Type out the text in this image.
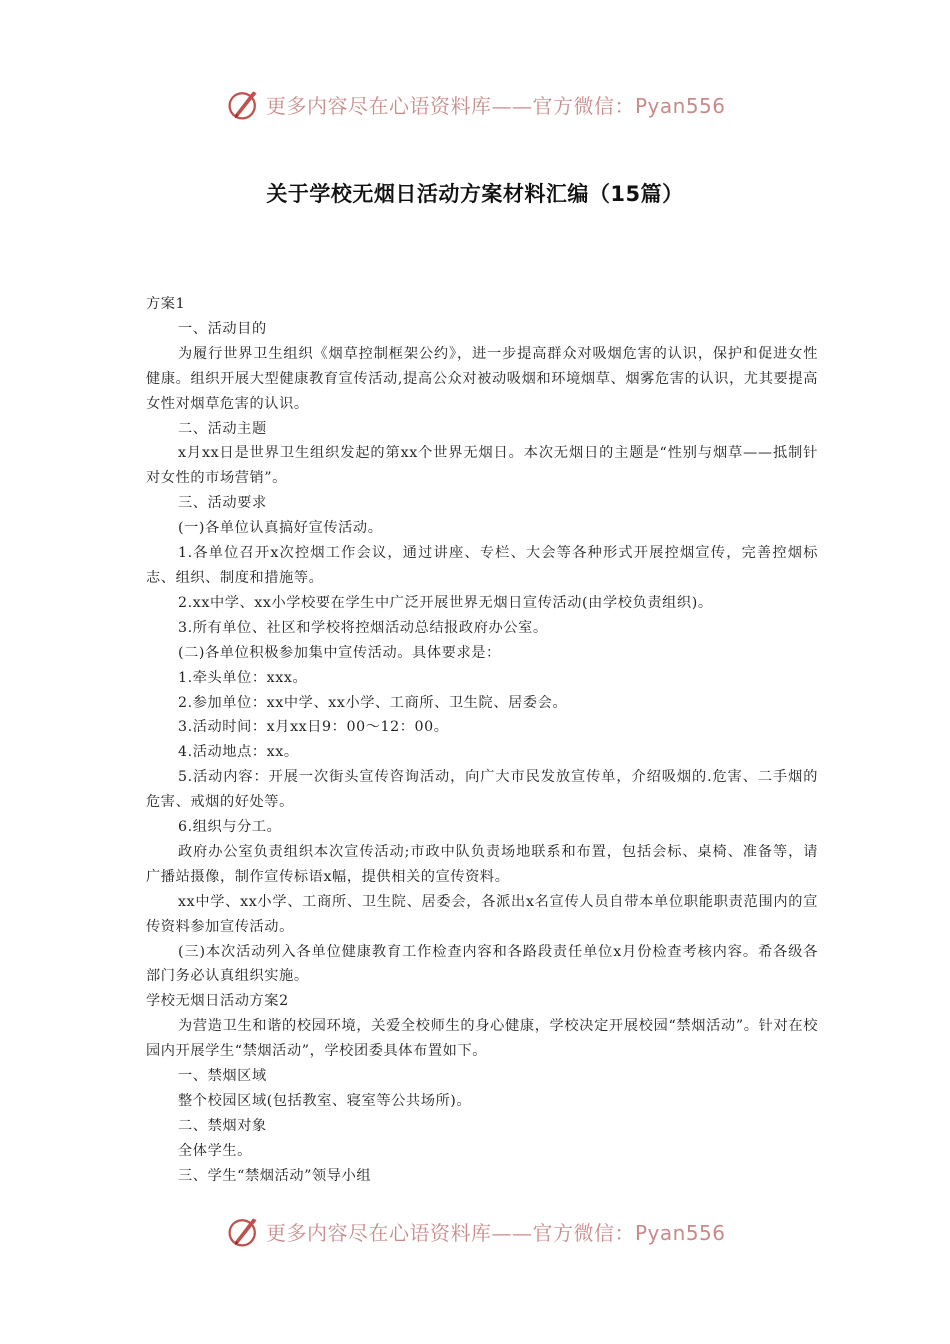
更多内容尽在心语资料库——官方微信：Pyan556
关于学校无烟日活动方案材料汇编（15篇）

方案1

一、活动目的

为履行世界卫生组织《烟草控制框架公约》，进一步提高群众对吸烟危害的认识，保护和促进女性健康。组织开展大型健康教育宣传活动,提高公众对被动吸烟和环境烟草、烟雾危害的认识，尤其要提高女性对烟草危害的认识。

二、活动主题

x月xx日是世界卫生组织发起的第xx个世界无烟日。本次无烟日的主题是“性别与烟草——抵制针对女性的市场营销”。

三、活动要求

(一)各单位认真搞好宣传活动。

1.各单位召开x次控烟工作会议，通过讲座、专栏、大会等各种形式开展控烟宣传，完善控烟标志、组织、制度和措施等。

2.xx中学、xx小学校要在学生中广泛开展世界无烟日宣传活动(由学校负责组织)。

3.所有单位、社区和学校将控烟活动总结报政府办公室。

(二)各单位积极参加集中宣传活动。具体要求是：

1.牵头单位：xxx。

2.参加单位：xx中学、xx小学、工商所、卫生院、居委会。

3.活动时间：x月xx日9：00～12：00。

4.活动地点：xx。

5.活动内容：开展一次街头宣传咨询活动，向广大市民发放宣传单，介绍吸烟的.危害、二手烟的危害、戒烟的好处等。

6.组织与分工。

政府办公室负责组织本次宣传活动;市政中队负责场地联系和布置，包括会标、桌椅、准备等，请广播站摄像，制作宣传标语x幅，提供相关的宣传资料。

xx中学、xx小学、工商所、卫生院、居委会，各派出x名宣传人员自带本单位职能职责范围内的宣传资料参加宣传活动。

(三)本次活动列入各单位健康教育工作检查内容和各路段责任单位x月份检查考核内容。希各级各部门务必认真组织实施。

学校无烟日活动方案2

为营造卫生和谐的校园环境，关爱全校师生的身心健康，学校决定开展校园“禁烟活动”。针对在校园内开展学生“禁烟活动”，学校团委具体布置如下。

一、禁烟区域

整个校园区域(包括教室、寝室等公共场所)。

二、禁烟对象

全体学生。

三、学生“禁烟活动”领导小组

更多内容尽在心语资料库——官方微信：Pyan556
